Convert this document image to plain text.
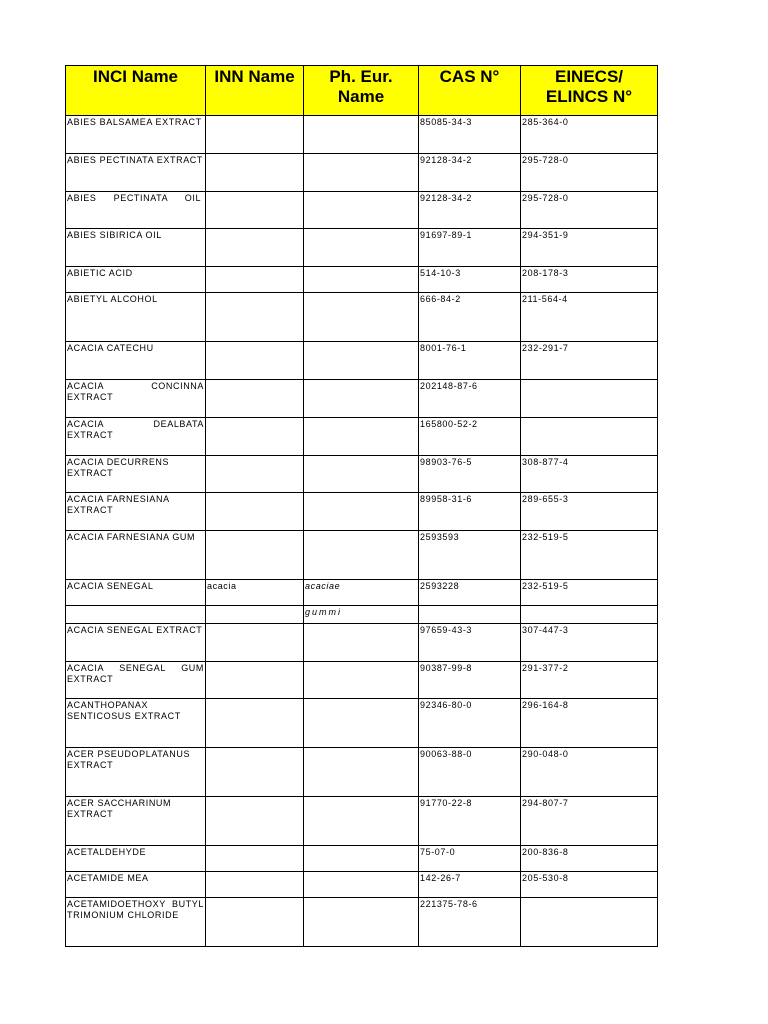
INCI Name	INN Name	Ph. Eur. Name	CAS N°	EINECS/ ELINCS N°
ABIES BALSAMEA EXTRACT			85085-34-3	285-364-0
ABIES PECTINATA EXTRACT			92128-34-2	295-728-0
ABIES PECTINATA OIL			92128-34-2	295-728-0
ABIES SIBIRICA OIL			91697-89-1	294-351-9
ABIETIC ACID			514-10-3	208-178-3
ABIETYL ALCOHOL			666-84-2	211-564-4
ACACIA CATECHU			8001-76-1	232-291-7
ACACIA CONCINNA EXTRACT			202148-87-6	
ACACIA DEALBATA EXTRACT			165800-52-2	
ACACIA DECURRENS EXTRACT			98903-76-5	308-877-4
ACACIA FARNESIANA EXTRACT			89958-31-6	289-655-3
ACACIA FARNESIANA GUM			2593593	232-519-5
ACACIA SENEGAL	acacia	acaciae	2593228	232-519-5
		gummi		
ACACIA SENEGAL EXTRACT			97659-43-3	307-447-3
ACACIA SENEGAL GUM EXTRACT			90387-99-8	291-377-2
ACANTHOPANAX SENTICOSUS EXTRACT			92346-80-0	296-164-8
ACER PSEUDOPLATANUS EXTRACT			90063-88-0	290-048-0
ACER SACCHARINUM EXTRACT			91770-22-8	294-807-7
ACETALDEHYDE			75-07-0	200-836-8
ACETAMIDE MEA			142-26-7	205-530-8
ACETAMIDOETHOXY BUTYL TRIMONIUM CHLORIDE			221375-78-6	
